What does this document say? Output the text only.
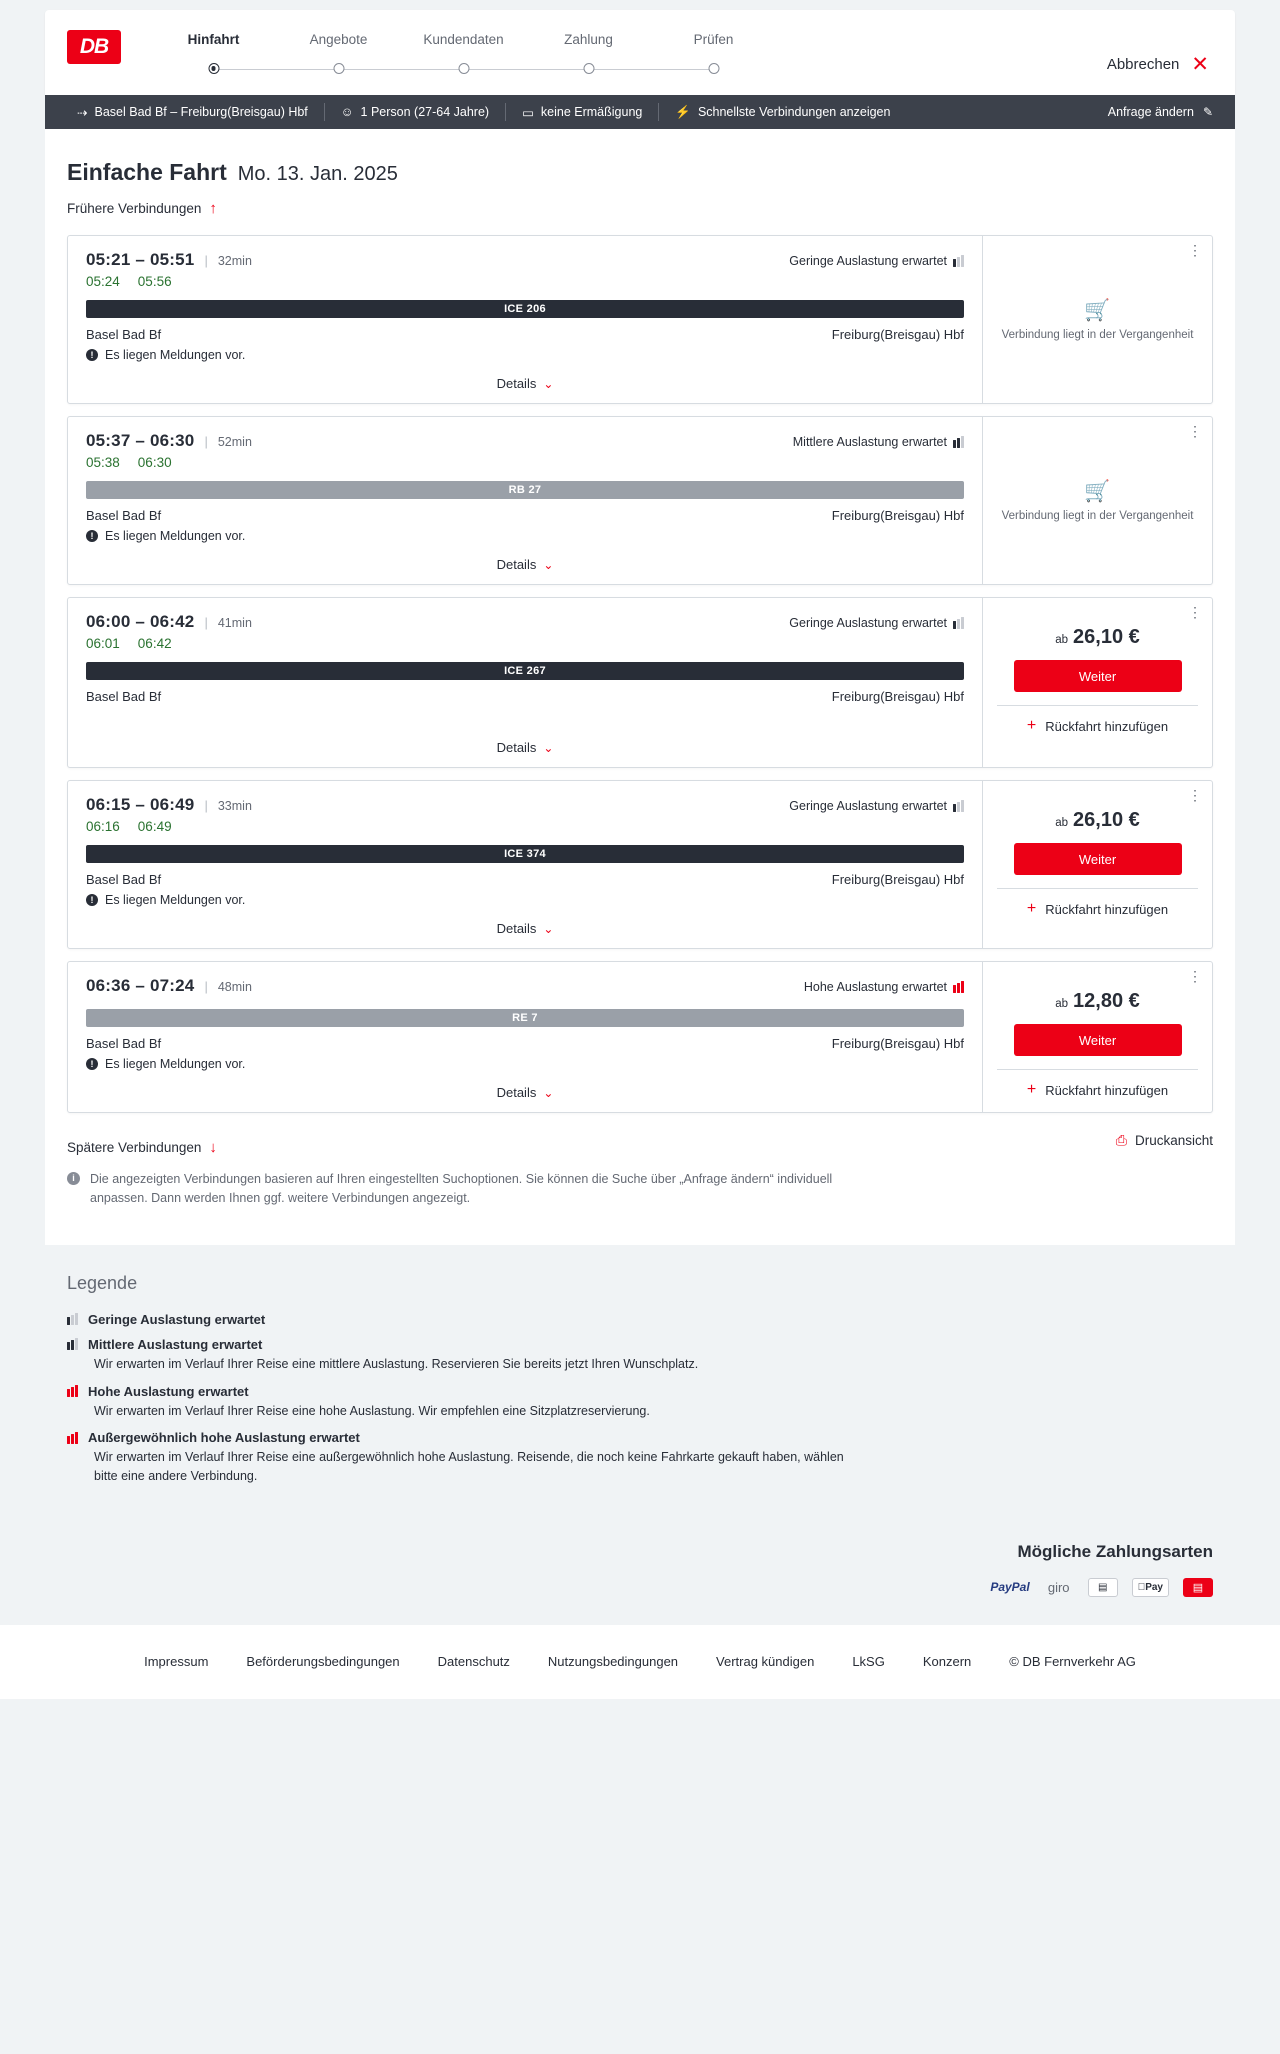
DB	Hinfahrt	Angebote	Kundendaten	Zahlung	Prüfen
Abbrechen ✕
⇢ Basel Bad Bf – Freiburg(Breisgau) Hbf	☺ 1 Person (27-64 Jahre)	▭ keine Ermäßigung	⚡ Schnellste Verbindungen anzeigen	Anfrage ändern ✎
Einfache Fahrt Mo. 13. Jan. 2025
Frühere Verbindungen ↑
05:21 – 05:51 | 32min	Geringe Auslastung erwartet
05:24 05:56
ICE 206
Basel Bad Bf	Freiburg(Breisgau) Hbf
! Es liegen Meldungen vor.
Details ⌄
⋮
🛒
Verbindung liegt in der Vergangenheit
05:37 – 06:30 | 52min	Mittlere Auslastung erwartet
05:38 06:30
RB 27
Basel Bad Bf	Freiburg(Breisgau) Hbf
! Es liegen Meldungen vor.
Details ⌄
⋮
🛒
Verbindung liegt in der Vergangenheit
06:00 – 06:42 | 41min	Geringe Auslastung erwartet
06:01 06:42
ICE 267
Basel Bad Bf	Freiburg(Breisgau) Hbf
Details ⌄
⋮
ab 26,10 €
Weiter
+ Rückfahrt hinzufügen
06:15 – 06:49 | 33min	Geringe Auslastung erwartet
06:16 06:49
ICE 374
Basel Bad Bf	Freiburg(Breisgau) Hbf
! Es liegen Meldungen vor.
Details ⌄
⋮
ab 26,10 €
Weiter
+ Rückfahrt hinzufügen
06:36 – 07:24 | 48min	Hohe Auslastung erwartet
RE 7
Basel Bad Bf	Freiburg(Breisgau) Hbf
! Es liegen Meldungen vor.
Details ⌄
⋮
ab 12,80 €
Weiter
+ Rückfahrt hinzufügen
Spätere Verbindungen ↓	⎙ Druckansicht
i	Die angezeigten Verbindungen basieren auf Ihren eingestellten Suchoptionen. Sie können die Suche über „Anfrage ändern“ individuell anpassen. Dann werden Ihnen ggf. weitere Verbindungen angezeigt.
Legende
Geringe Auslastung erwartet
Mittlere Auslastung erwartet
Wir erwarten im Verlauf Ihrer Reise eine mittlere Auslastung. Reservieren Sie bereits jetzt Ihren Wunschplatz.
Hohe Auslastung erwartet
Wir erwarten im Verlauf Ihrer Reise eine hohe Auslastung. Wir empfehlen eine Sitzplatzreservierung.
Außergewöhnlich hohe Auslastung erwartet
Wir erwarten im Verlauf Ihrer Reise eine außergewöhnlich hohe Auslastung. Reisende, die noch keine Fahrkarte gekauft haben, wählen bitte eine andere Verbindung.
Mögliche Zahlungsarten
PayPal	giro	▤	Pay	▤
Impressum	Beförderungsbedingungen	Datenschutz	Nutzungsbedingungen	Vertrag kündigen	LkSG	Konzern	© DB Fernverkehr AG
